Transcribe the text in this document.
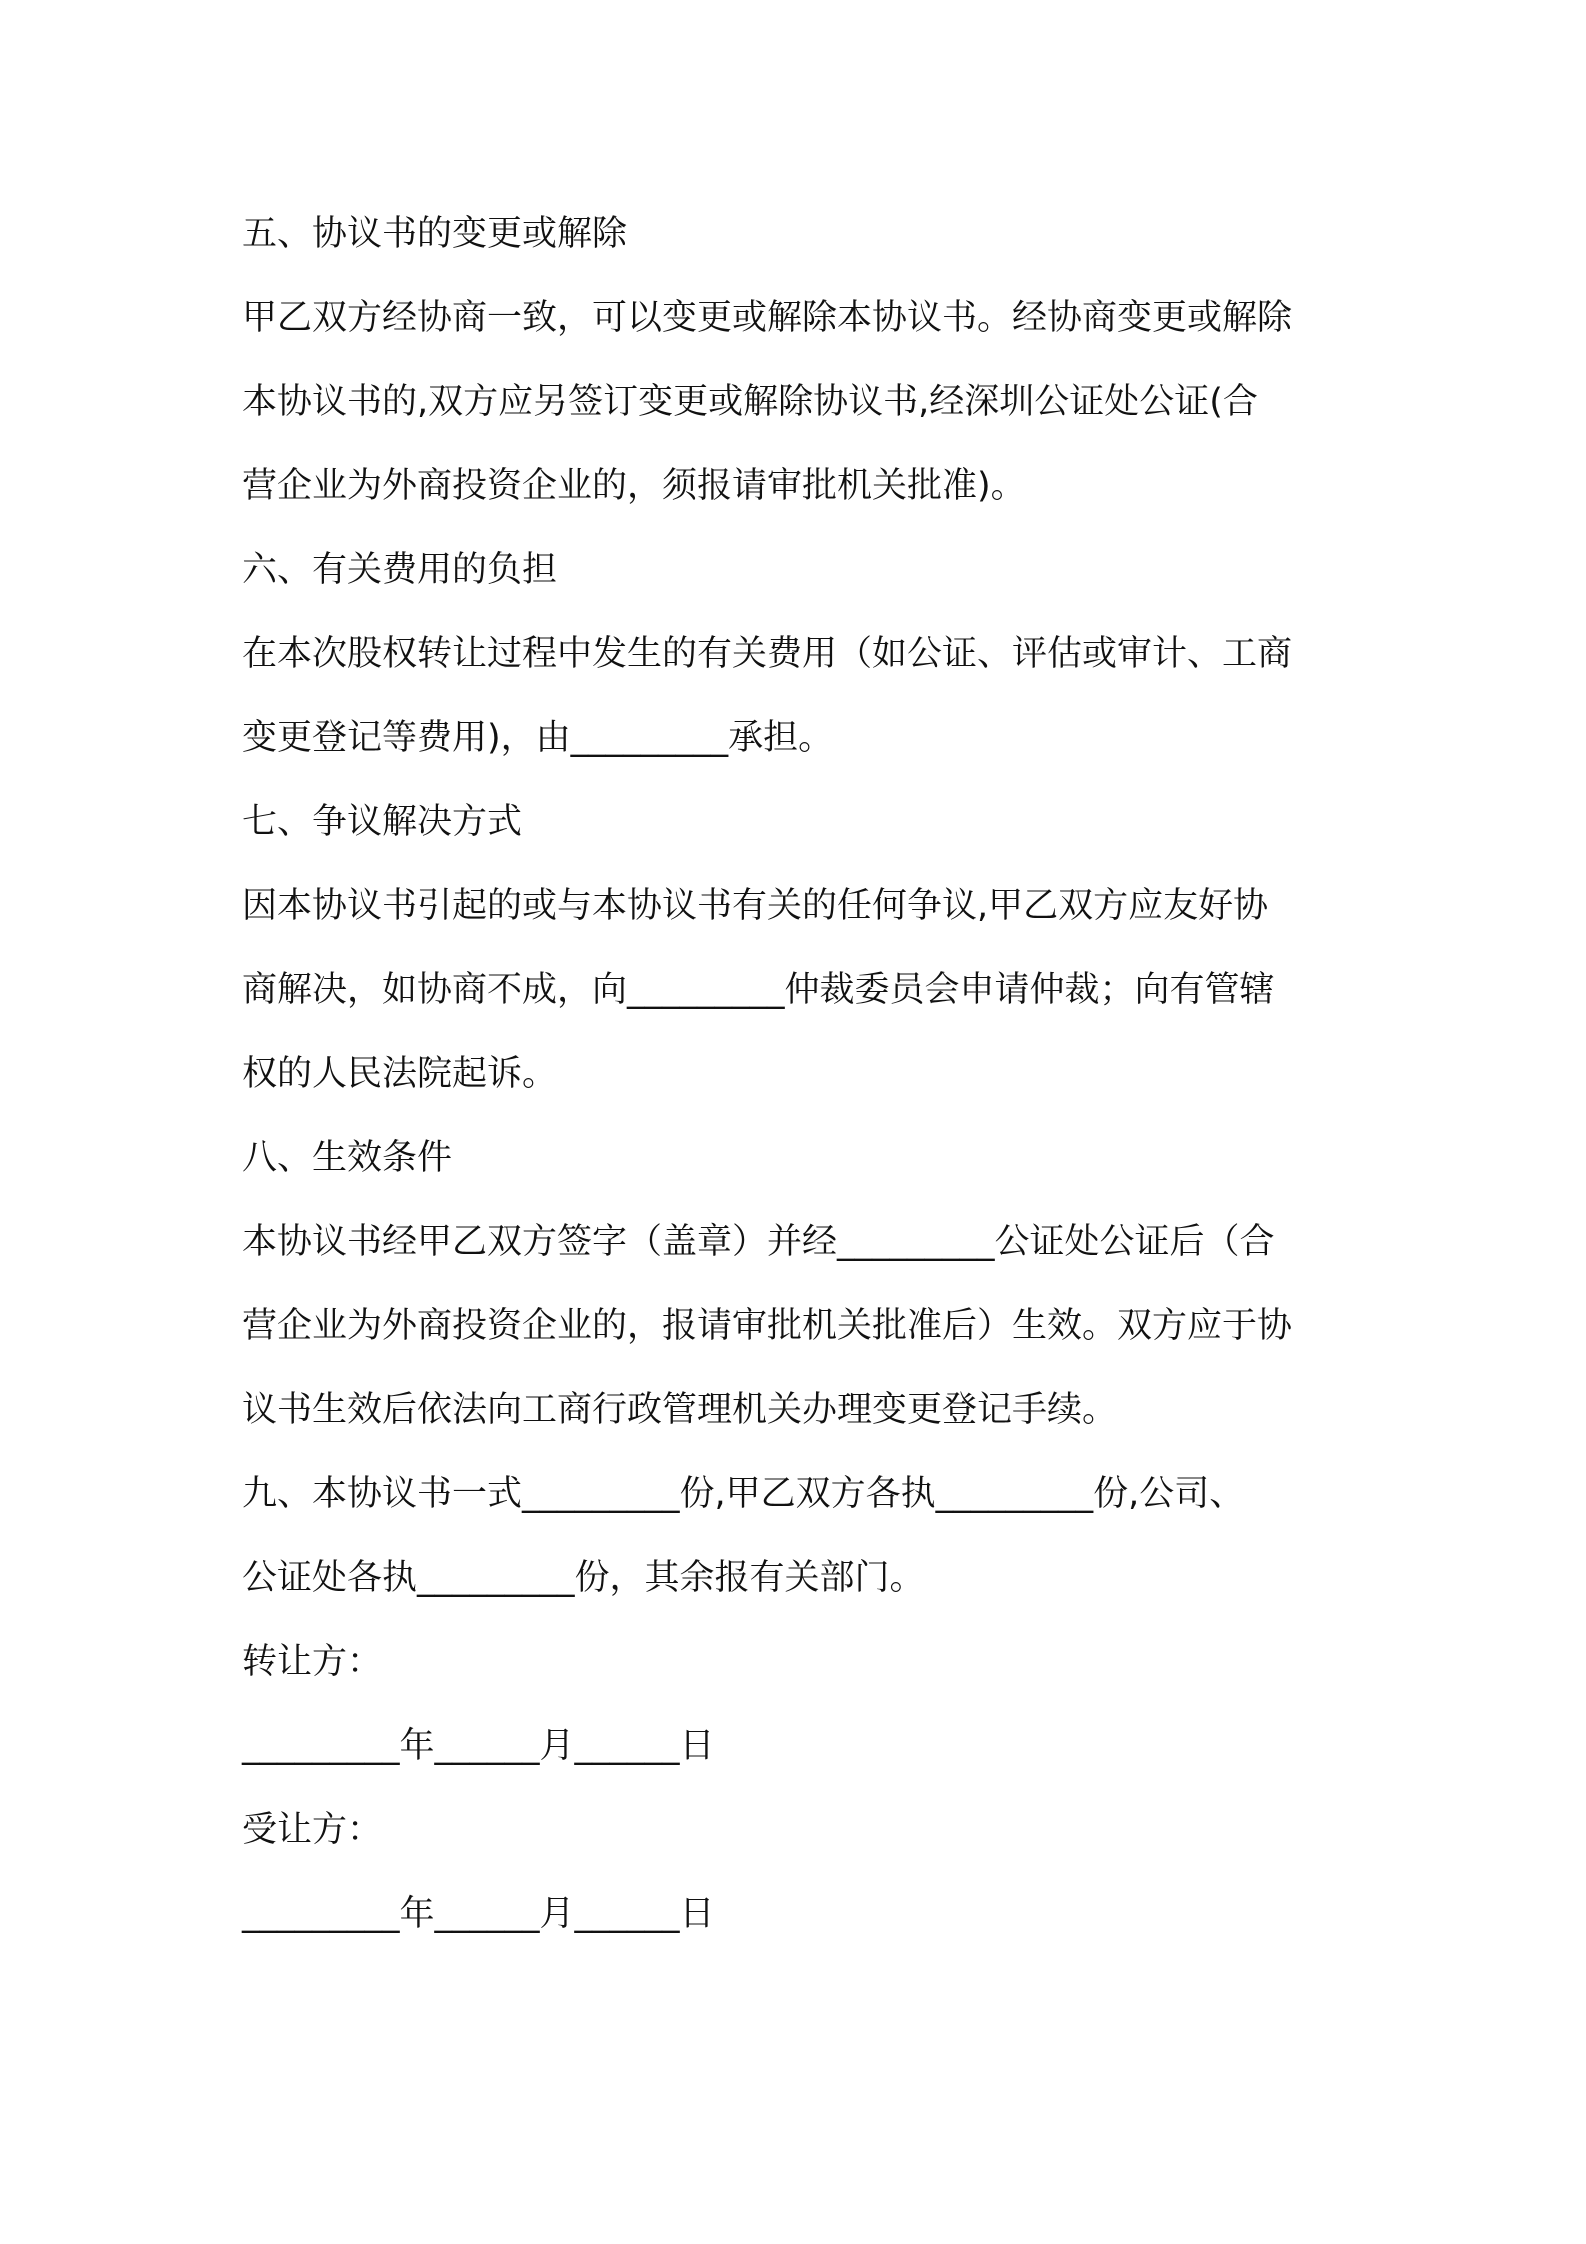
五、协议书的变更或解除
甲乙双方经协商一致，可以变更或解除本协议书。经协商变更或解除
本协议书的,双方应另签订变更或解除协议书,经深圳公证处公证(合
营企业为外商投资企业的，须报请审批机关批准)。
六、有关费用的负担
在本次股权转让过程中发生的有关费用（如公证、评估或审计、工商
变更登记等费用)，由_________承担。
七、争议解决方式
因本协议书引起的或与本协议书有关的任何争议,甲乙双方应友好协
商解决，如协商不成，向_________仲裁委员会申请仲裁；向有管辖
权的人民法院起诉。
八、生效条件
本协议书经甲乙双方签字（盖章）并经_________公证处公证后（合
营企业为外商投资企业的，报请审批机关批准后）生效。双方应于协
议书生效后依法向工商行政管理机关办理变更登记手续。
九、本协议书一式_________份,甲乙双方各执_________份,公司、
公证处各执_________份，其余报有关部门。
转让方：
_________年______月______日
受让方：
_________年______月______日
